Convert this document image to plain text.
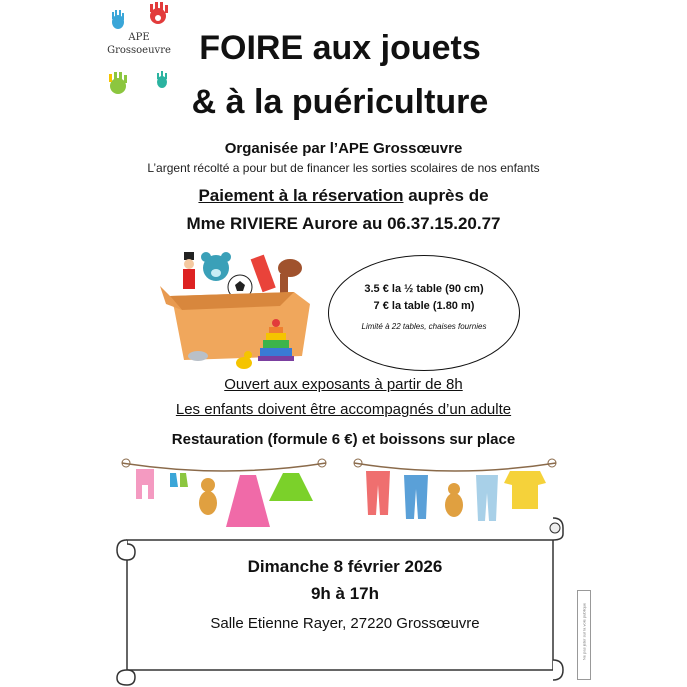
APE
Grossoeuvre FOIRE aux jouets
& à la puériculture
Organisée par l’APE Grossœuvre
L’argent récolté a pour but de financer les sorties scolaires de nos enfants
Paiement à la réservation auprès de
Mme RIVIERE Aurore au 06.37.15.20.77
3.5 € la ½ table (90 cm)
7 € la table (1.80 m)
Limité à 22 tables, chaises fournies
Ouvert aux exposants à partir de 8h
Les enfants doivent être accompagnés d’un adulte
Restauration (formule 6 €) et boissons sur place
Dimanche 8 février 2026
9h à 17h
Salle Etienne Rayer, 27220 Grossœuvre	Ne pas jeter sur la voie publique
